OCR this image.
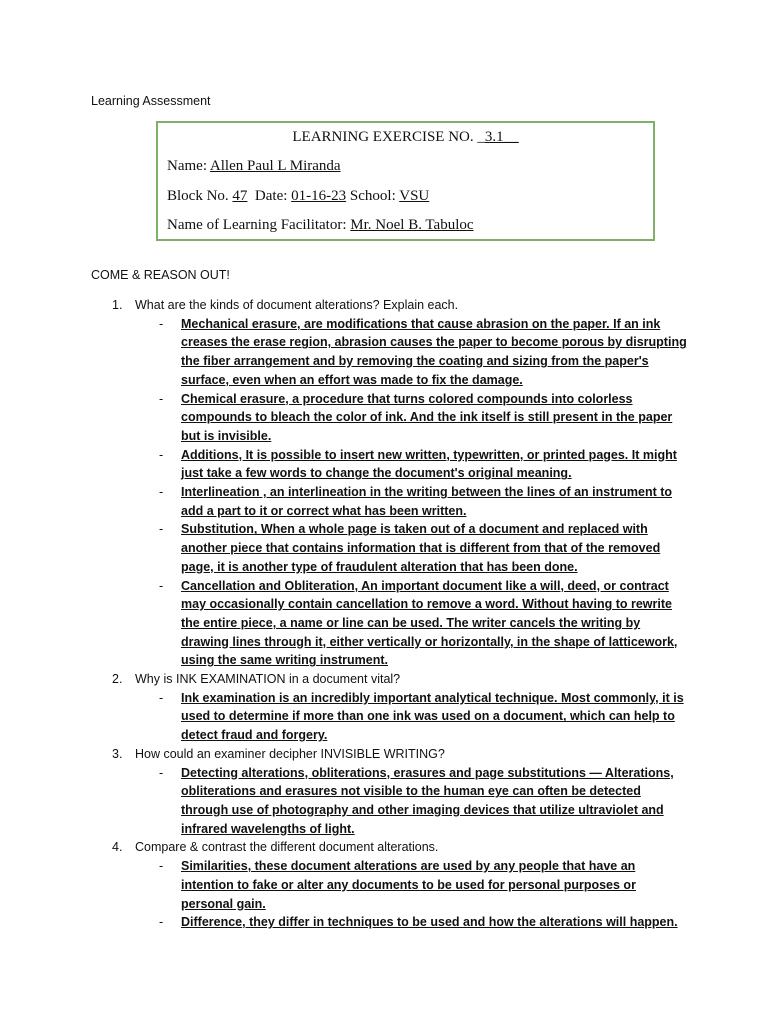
Learning Assessment
LEARNING EXERCISE NO. _3.1__
Name: Allen Paul L Miranda
Block No. 47 Date: 01-16-23 School: VSU
Name of Learning Facilitator: Mr. Noel B. Tabuloc
COME & REASON OUT!
1. What are the kinds of document alterations? Explain each.
- Mechanical erasure, are modifications that cause abrasion on the paper. If an ink creases the erase region, abrasion causes the paper to become porous by disrupting the fiber arrangement and by removing the coating and sizing from the paper's surface, even when an effort was made to fix the damage.
- Chemical erasure, a procedure that turns colored compounds into colorless compounds to bleach the color of ink. And the ink itself is still present in the paper but is invisible.
- Additions, It is possible to insert new written, typewritten, or printed pages. It might just take a few words to change the document's original meaning.
- Interlineation , an interlineation in the writing between the lines of an instrument to add a part to it or correct what has been written.
- Substitution, When a whole page is taken out of a document and replaced with another piece that contains information that is different from that of the removed page, it is another type of fraudulent alteration that has been done.
- Cancellation and Obliteration, An important document like a will, deed, or contract may occasionally contain cancellation to remove a word. Without having to rewrite the entire piece, a name or line can be used. The writer cancels the writing by drawing lines through it, either vertically or horizontally, in the shape of latticework, using the same writing instrument.
2. Why is INK EXAMINATION in a document vital?
- Ink examination is an incredibly important analytical technique. Most commonly, it is used to determine if more than one ink was used on a document, which can help to detect fraud and forgery.
3. How could an examiner decipher INVISIBLE WRITING?
- Detecting alterations, obliterations, erasures and page substitutions — Alterations, obliterations and erasures not visible to the human eye can often be detected through use of photography and other imaging devices that utilize ultraviolet and infrared wavelengths of light.
4. Compare & contrast the different document alterations.
- Similarities, these document alterations are used by any people that have an intention to fake or alter any documents to be used for personal purposes or personal gain.
- Difference, they differ in techniques to be used and how the alterations will happen.
